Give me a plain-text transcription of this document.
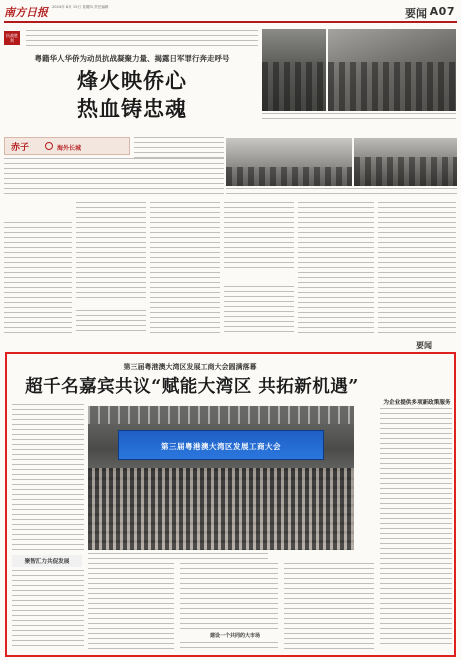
南方日报 2024年 8月 15日 星期四 责任编辑	要闻 A07
抗战胜利
粤籍华人华侨为动员抗战凝聚力量、揭露日军罪行奔走呼号
烽火映侨心
热血铸忠魂
赤子	海外长城
要闻
第三届粤港澳大湾区发展工商大会圆满落幕
超千名嘉宾共议“赋能大湾区 共拓新机遇”
为企业提供多项新政策服务
第三届粤港澳大湾区发展工商大会
聚智汇力共促发展
建设一个共同的大市场
